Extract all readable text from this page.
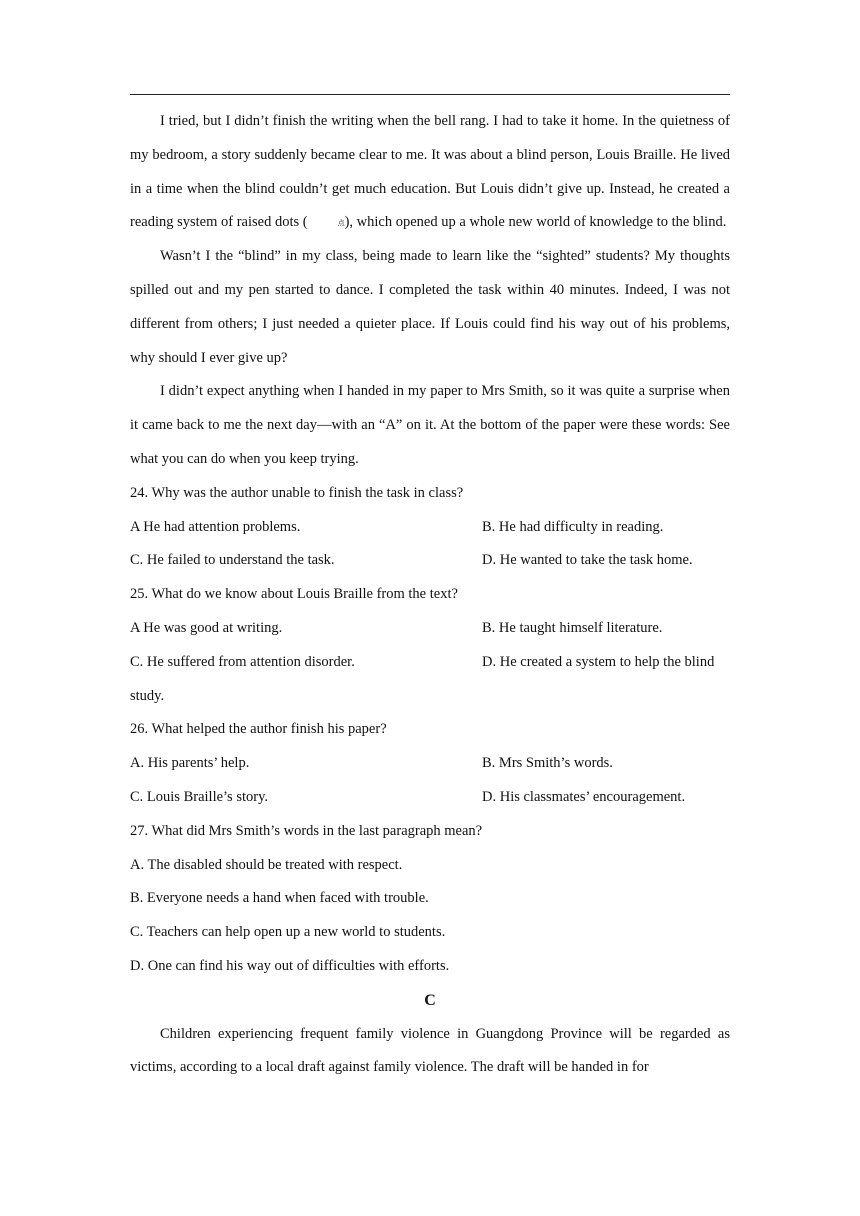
I tried, but I didn’t finish the writing when the bell rang. I had to take it home. In the quietness of my bedroom, a story suddenly became clear to me. It was about a blind person, Louis Braille. He lived in a time when the blind couldn’t get much education. But Louis didn’t give up. Instead, he created a reading system of raised dots (	点 ), which opened up a whole new world of knowledge to the blind.

Wasn’t I the “blind” in my class, being made to learn like the “sighted” students? My thoughts spilled out and my pen started to dance. I completed the task within 40 minutes. Indeed, I was not different from others; I just needed a quieter place. If Louis could find his way out of his problems, why should I ever give up?

I didn’t expect anything when I handed in my paper to Mrs Smith, so it was quite a surprise when it came back to me the next day—with an “A” on it. At the bottom of the paper were these words: See what you can do when you keep trying.

24. Why was the author unable to finish the task in class?

A He had attention problems.	B. He had difficulty in reading.
C. He failed to understand the task.	D. He wanted to take the task home.

25. What do we know about Louis Braille from the text?

A He was good at writing.	B. He taught himself literature.
C. He suffered from attention disorder.	D. He created a system to help the blind

study.

26. What helped the author finish his paper?

A. His parents’ help.	B. Mrs Smith’s words.
C. Louis Braille’s story.	D. His classmates’ encouragement.

27. What did Mrs Smith’s words in the last paragraph mean?

A. The disabled should be treated with respect.

B. Everyone needs a hand when faced with trouble.

C. Teachers can help open up a new world to students.

D. One can find his way out of difficulties with efforts.

C

Children experiencing frequent family violence in Guangdong Province will be regarded as victims, according to a local draft against family violence. The draft will be handed in for
